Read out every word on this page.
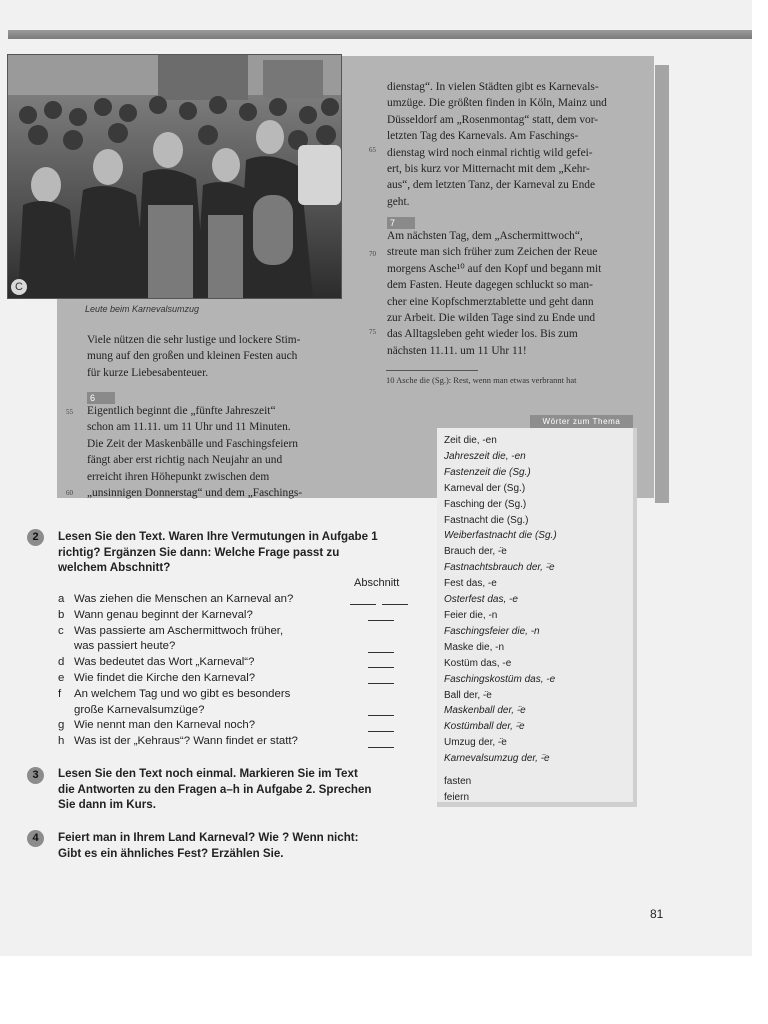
C
Leute beim Karnevalsumzug

Viele nützen die sehr lustige und lockere Stim-

mung auf den großen und kleinen Festen auch

für kurze Liebesabenteuer.

6

Eigentlich beginnt die „fünfte Jahreszeit“

schon am 11.11. um 11 Uhr und 11 Minuten.

Die Zeit der Maskenbälle und Faschingsfeiern

fängt aber erst richtig nach Neujahr an und

erreicht ihren Höhepunkt zwischen dem

„unsinnigen Donnerstag“ und dem „Faschings-

55
60

dienstag“. In vielen Städten gibt es Karnevals-

umzüge. Die größten finden in Köln, Mainz und

Düsseldorf am „Rosenmontag“ statt, dem vor-

letzten Tag des Karnevals. Am Faschings-

dienstag wird noch einmal richtig wild gefei-

ert, bis kurz vor Mitternacht mit dem „Kehr-

aus“, dem letzten Tanz, der Karneval zu Ende

geht.

65
7

Am nächsten Tag, dem „Aschermittwoch“,

streute man sich früher zum Zeichen der Reue

morgens Asche¹⁰ auf den Kopf und begann mit

dem Fasten. Heute dagegen schluckt so man-

cher eine Kopfschmerztablette und geht dann

zur Arbeit. Die wilden Tage sind zu Ende und

das Alltagsleben geht wieder los. Bis zum

nächsten 11.11. um 11 Uhr 11!

70
75
10 Asche die (Sg.): Rest, wenn man etwas verbrannt hat
Wörter zum Thema
Zeit die, -en
Jahreszeit die, -en
Fastenzeit die (Sg.)
Karneval der (Sg.)
Fasching der (Sg.)
Fastnacht die (Sg.)
Weiberfastnacht die (Sg.)
Brauch der, -̈e
Fastnachtsbrauch der, -̈e
Fest das, -e
Osterfest das, -e
Feier die, -n
Faschingsfeier die, -n
Maske die, -n
Kostüm das, -e
Faschingskostüm das, -e
Ball der, -̈e
Maskenball der, -̈e
Kostümball der, -̈e
Umzug der, -̈e
Karnevalsumzug der, -̈e
fasten
feiern
2	Lesen Sie den Text. Waren Ihre Vermutungen in Aufgabe 1
richtig? Ergänzen Sie dann: Welche Frage passt zu
welchem Abschnitt?
Abschnitt
a Was ziehen die Menschen an Karneval an?
b Wann genau beginnt der Karneval?
c Was passierte am Aschermittwoch früher,
was passiert heute?
d Was bedeutet das Wort „Karneval“?
e Wie findet die Kirche den Karneval?
f	An welchem Tag und wo gibt es besonders
große Karnevalsumzüge?
g Wie nennt man den Karneval noch?
h Was ist der „Kehraus“? Wann findet er statt?
3	Lesen Sie den Text noch einmal. Markieren Sie im Text
die Antworten zu den Fragen a–h in Aufgabe 2. Sprechen
Sie dann im Kurs.
4	Feiert man in Ihrem Land Karneval? Wie ? Wenn nicht:
Gibt es ein ähnliches Fest? Erzählen Sie.
81
